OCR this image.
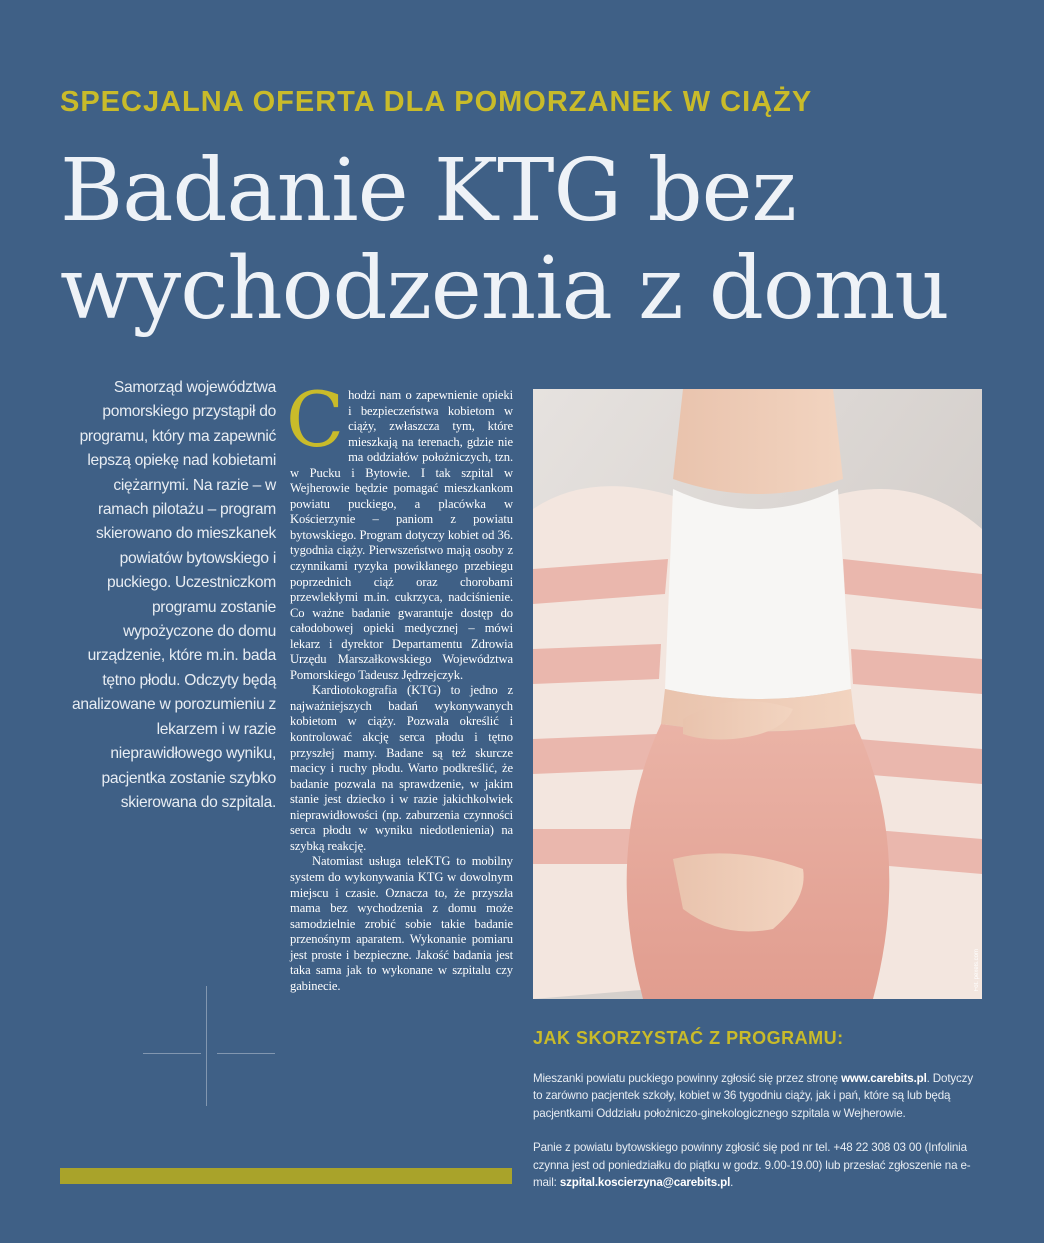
SPECJALNA OFERTA DLA POMORZANEK W CIĄŻY
Badanie KTG bez
wychodzenia z domu

Samorząd województwa pomorskiego przystąpił do programu, który ma zapewnić lepszą opiekę nad kobietami ciężarnymi. Na razie – w ramach pilotażu – program skierowano do mieszkanek powiatów bytowskiego i puckiego. Uczestniczkom programu zostanie wypożyczone do domu urządzenie, które m.in. bada tętno płodu. Odczyty będą analizowane w porozumieniu z lekarzem i w razie nieprawidłowego wyniku, pacjentka zostanie szybko skierowana do szpitala.

Chodzi nam o zapewnienie opieki i bezpieczeństwa kobietom w ciąży, zwłaszcza tym, które mieszkają na terenach, gdzie nie ma oddziałów położniczych, tzn. w Pucku i Bytowie. I tak szpital w Wejherowie będzie pomagać mieszkankom powiatu puckiego, a placówka w Kościerzynie – paniom z powiatu bytowskiego. Program dotyczy kobiet od 36. tygodnia ciąży. Pierwszeństwo mają osoby z czynnikami ryzyka powikłanego przebiegu poprzednich ciąż oraz chorobami przewlekłymi m.in. cukrzyca, nadciśnienie. Co ważne badanie gwarantuje dostęp do całodobowej opieki medycznej – mówi lekarz i dyrektor Departamentu Zdrowia Urzędu Marszałkowskiego Województwa Pomorskiego Tadeusz Jędrzejczyk.

Kardiotokografia (KTG) to jedno z najważniejszych badań wykonywanych kobietom w ciąży. Pozwala określić i kontrolować akcję serca płodu i tętno przyszłej mamy. Badane są też skurcze macicy i ruchy płodu. Warto podkreślić, że badanie pozwala na sprawdzenie, w jakim stanie jest dziecko i w razie jakichkolwiek nieprawidłowości (np. zaburzenia czynności serca płodu w wyniku niedotlenienia) na szybką reakcję.

Natomiast usługa teleKTG to mobilny system do wykonywania KTG w dowolnym miejscu i czasie. Oznacza to, że przyszła mama bez wychodzenia z domu może samodzielnie zrobić sobie takie badanie przenośnym aparatem. Wykonanie pomiaru jest proste i bezpieczne. Jakość badania jest taka sama jak to wykonane w szpitalu czy gabinecie.	Fot. pexels.com
JAK SKORZYSTAĆ Z PROGRAMU:

Mieszanki powiatu puckiego powinny zgłosić się przez stronę www.carebits.pl. Dotyczy to zarówno pacjentek szkoły, kobiet w 36 tygodniu ciąży, jak i pań, które są lub będą pacjentkami Oddziału położniczo-ginekologicznego szpitala w Wejherowie.

Panie z powiatu bytowskiego powinny zgłosić się pod nr tel. +48 22 308 03 00 (Infolinia czynna jest od poniedziałku do piątku w godz. 9.00-19.00) lub przesłać zgłoszenie na e-mail: szpital.koscierzyna@carebits.pl.
